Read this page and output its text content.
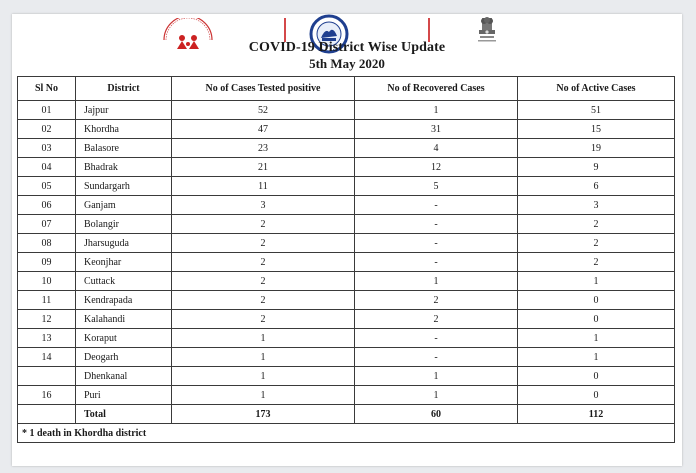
COVID-19 District Wise Update
5th May 2020
Sl No	District	No of Cases Tested positive	No of Recovered Cases	No of Active Cases
01	Jajpur	52	1	51
02	Khordha	47	31	15
03	Balasore	23	4	19
04	Bhadrak	21	12	9
05	Sundargarh	11	5	6
06	Ganjam	3	-	3
07	Bolangir	2	-	2
08	Jharsuguda	2	-	2
09	Keonjhar	2	-	2
10	Cuttack	2	1	1
11	Kendrapada	2	2	0
12	Kalahandi	2	2	0
13	Koraput	1	-	1
14	Deogarh	1	-	1
	Dhenkanal	1	1	0
16	Puri	1	1	0
	Total	173	60	112
* 1 death in Khordha district				
